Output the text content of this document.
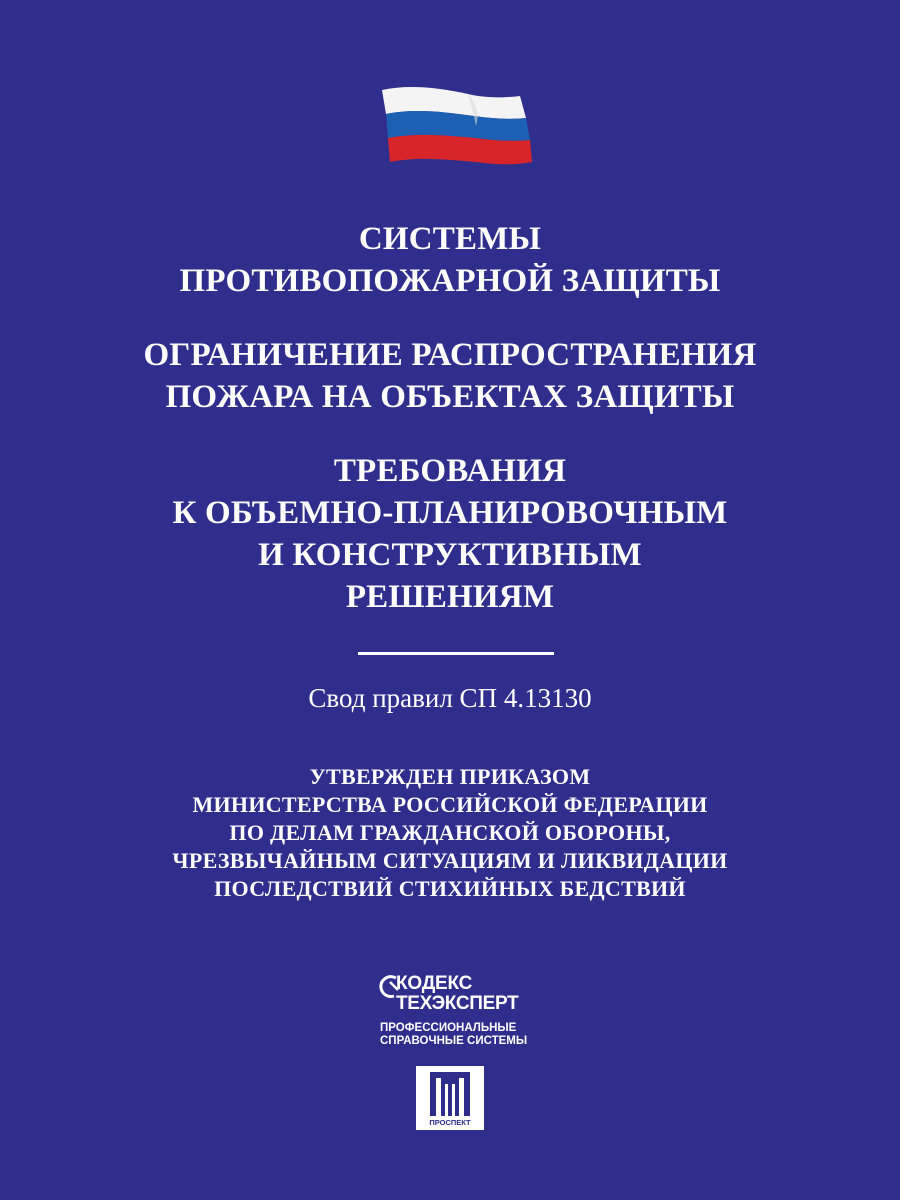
СИСТЕМЫ
ПРОТИВОПОЖАРНОЙ ЗАЩИТЫ
ОГРАНИЧЕНИЕ РАСПРОСТРАНЕНИЯ
ПОЖАРА НА ОБЪЕКТАХ ЗАЩИТЫ
ТРЕБОВАНИЯ
К ОБЪЕМНО-ПЛАНИРОВОЧНЫМ
И КОНСТРУКТИВНЫМ
РЕШЕНИЯМ
Свод правил СП 4.13130
УТВЕРЖДЕН ПРИКАЗОМ
МИНИСТЕРСТВА РОССИЙСКОЙ ФЕДЕРАЦИИ
ПО ДЕЛАМ ГРАЖДАНСКОЙ ОБОРОНЫ,
ЧРЕЗВЫЧАЙНЫМ СИТУАЦИЯМ И ЛИКВИДАЦИИ
ПОСЛЕДСТВИЙ СТИХИЙНЫХ БЕДСТВИЙ
КОДЕКС
ТЕХЭКСПЕРТ
ПРОФЕССИОНАЛЬНЫЕ
СПРАВОЧНЫЕ СИСТЕМЫ
ПРОСПЕКТ
